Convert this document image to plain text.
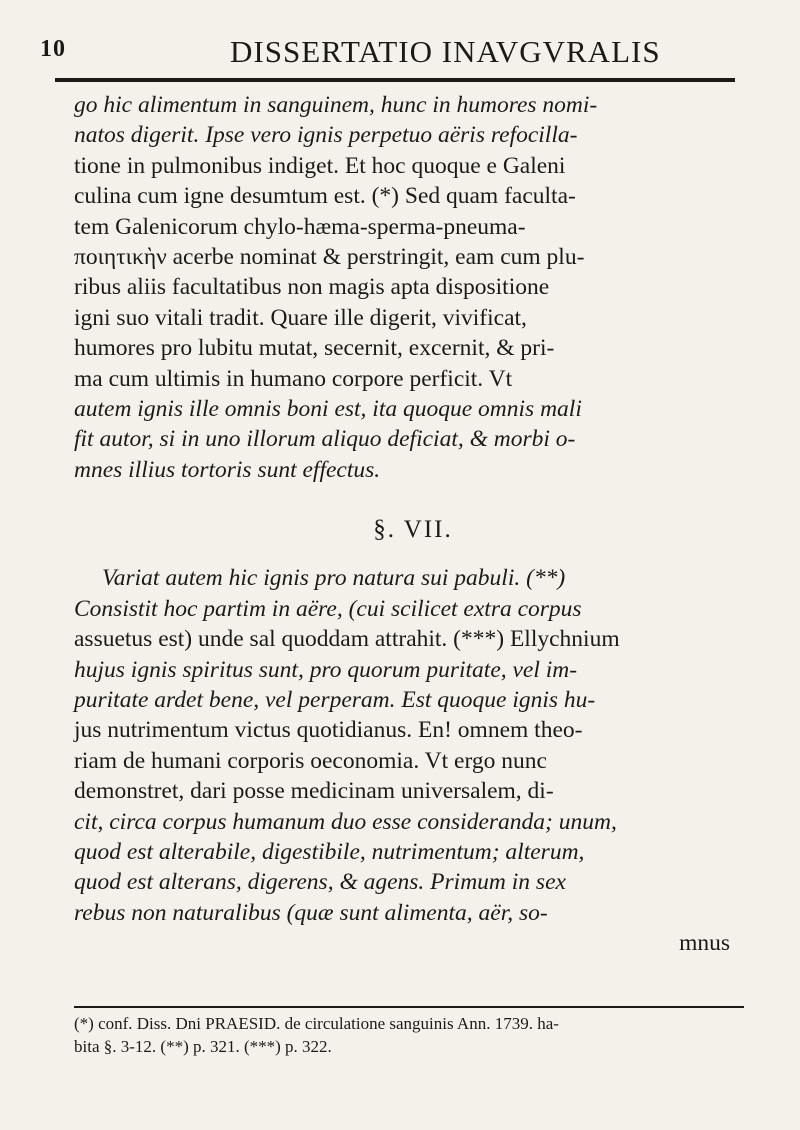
10	DISSERTATIO INAVGVRALIS
go hic alimentum in sanguinem, hunc in humores nomi-
natos digerit. Ipse vero ignis perpetuo aëris refocilla-
tione in pulmonibus indiget. Et hoc quoque e Galeni
culina cum igne desumtum est. (*) Sed quam faculta-
tem Galenicorum chylo-hæma-sperma-pneuma-
ποιητικὴν acerbe nominat & perstringit, eam cum plu-
ribus aliis facultatibus non magis apta dispositione
igni suo vitali tradit. Quare ille digerit, vivificat,
humores pro lubitu mutat, secernit, excernit, & pri-
ma cum ultimis in humano corpore perficit. Vt
autem ignis ille omnis boni est, ita quoque omnis mali
fit autor, si in uno illorum aliquo deficiat, & morbi o-
mnes illius tortoris sunt effectus.
§. VII.
Variat autem hic ignis pro natura sui pabuli. (**)
Consistit hoc partim in aëre, (cui scilicet extra corpus
assuetus est) unde sal quoddam attrahit. (***) Ellychnium
hujus ignis spiritus sunt, pro quorum puritate, vel im-
puritate ardet bene, vel perperam. Est quoque ignis hu-
jus nutrimentum victus quotidianus. En! omnem theo-
riam de humani corporis oeconomia. Vt ergo nunc
demonstret, dari posse medicinam universalem, di-
cit, circa corpus humanum duo esse consideranda; unum,
quod est alterabile, digestibile, nutrimentum; alterum,
quod est alterans, digerens, & agens. Primum in sex
rebus non naturalibus (quæ sunt alimenta, aër, so-
mnus
(*) conf. Diss. Dni PRAESID. de circulatione sanguinis Ann. 1739. ha-
bita §. 3-12. (**) p. 321. (***) p. 322.
